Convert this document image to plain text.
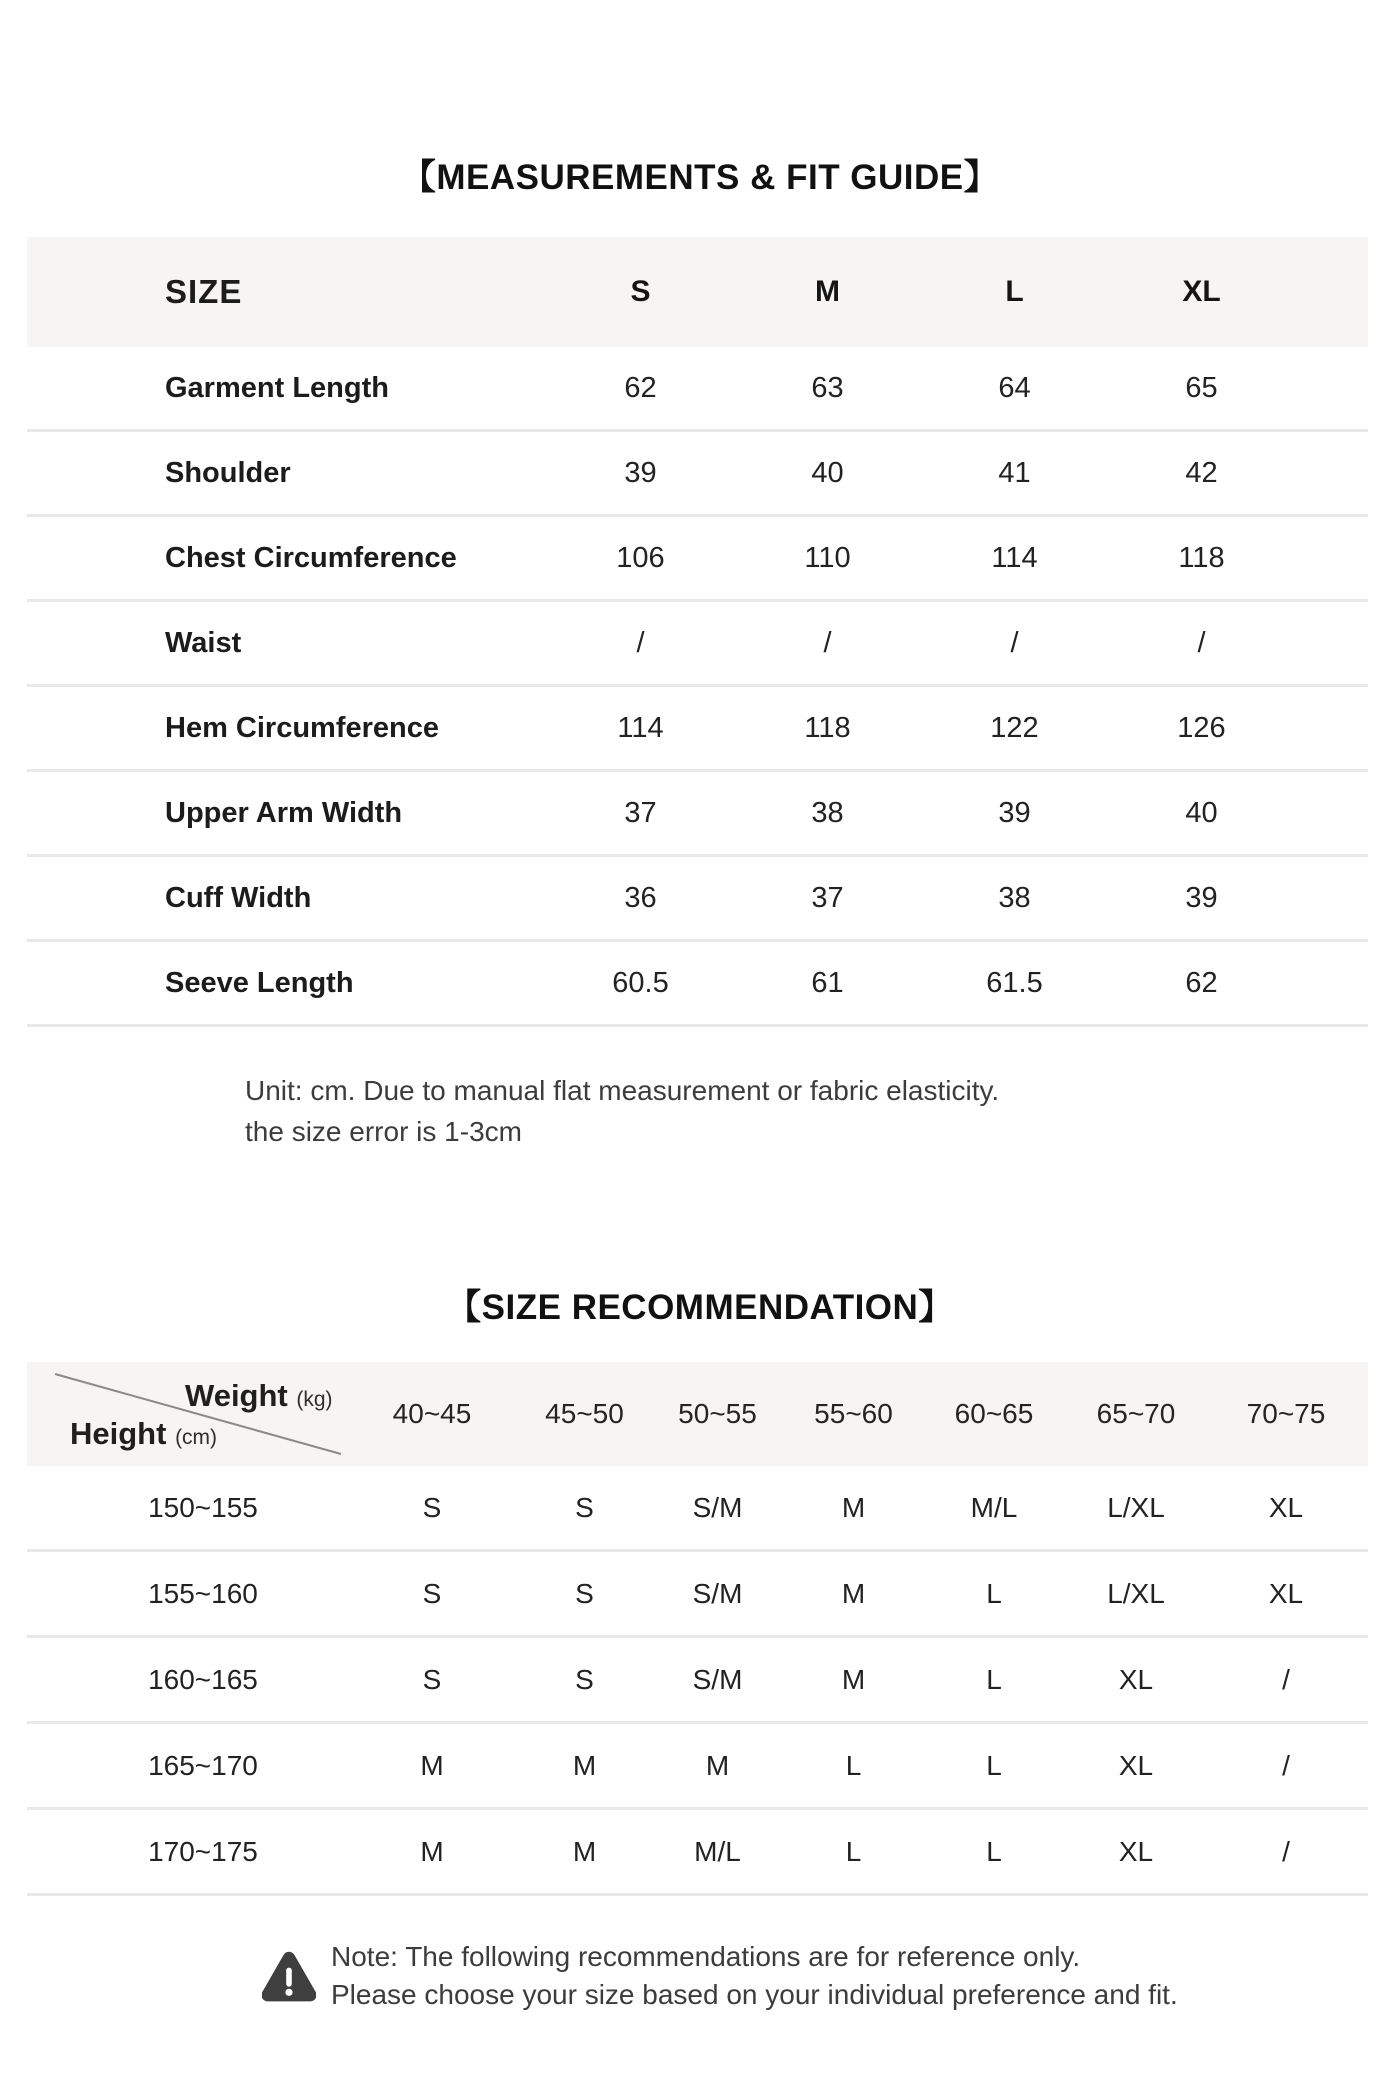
【MEASUREMENTS & FIT GUIDE】
SIZE	S	M	L	XL
Garment Length	62	63	64	65
Shoulder	39	40	41	42
Chest Circumference	106	110	114	118
Waist	/	/	/	/
Hem Circumference	114	118	122	126
Upper Arm Width	37	38	39	40
Cuff Width	36	37	38	39
Seeve Length	60.5	61	61.5	62
Unit: cm. Due to manual flat measurement or fabric elasticity.
the size error is 1-3cm
【SIZE RECOMMENDATION】
Weight (kg)
Height (cm)
40~45	45~50	50~55	55~60	60~65	65~70	70~75
150~155	S	S	S/M	M	M/L	L/XL	XL
155~160	S	S	S/M	M	L	L/XL	XL
160~165	S	S	S/M	M	L	XL	/
165~170	M	M	M	L	L	XL	/
170~175	M	M	M/L	L	L	XL	/
Note: The following recommendations are for reference only.
Please choose your size based on your individual preference and fit.
